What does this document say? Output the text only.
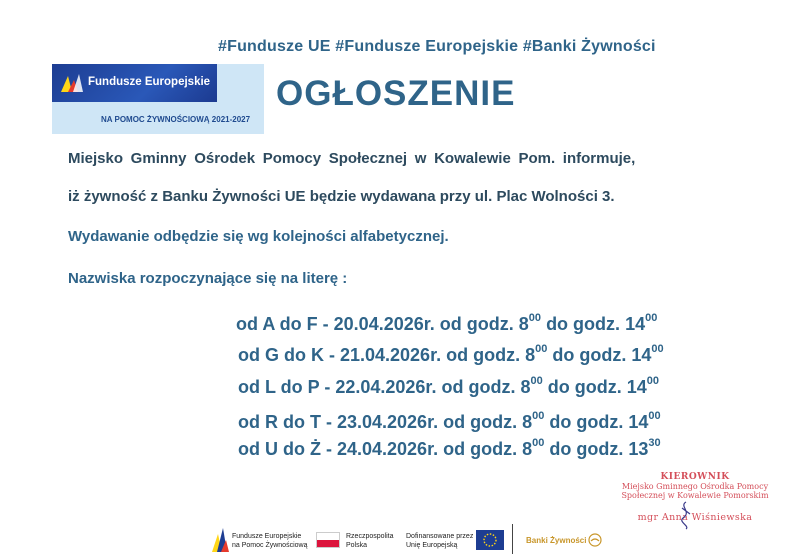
#Fundusze UE #Fundusze Europejskie #Banki Żywności
Fundusze Europejskie
NA POMOC ŻYWNOŚCIOWĄ 2021-2027
OGŁOSZENIE
Miejsko Gminny Ośrodek Pomocy Społecznej w Kowalewie Pom. informuje,
iż żywność z Banku Żywności UE będzie wydawana przy ul. Plac Wolności 3.
Wydawanie odbędzie się wg kolejności alfabetycznej.
Nazwiska rozpoczynające się na literę :
od A do F - 20.04.2026r. od godz. $8^{00}$ do godz. $14^{00}$
od G do K - 21.04.2026r. od godz. $8^{00}$ do godz. $14^{00}$
od L do P - 22.04.2026r. od godz. $8^{00}$ do godz. $14^{00}$
od R do T - 23.04.2026r. od godz. $8^{00}$ do godz. $14^{00}$
od U do Ż - 24.04.2026r. od godz. $8^{00}$ do godz. $13^{30}$
KIEROWNIK
Miejsko Gminnego Ośrodka Pomocy
Społecznej w Kowalewie Pomorskim
mgr Anna Wiśniewska
Fundusze Europejskie
na Pomoc Żywnościową
Rzeczpospolita
Polska
Dofinansowane przez
Unię Europejską
Banki Żywności
